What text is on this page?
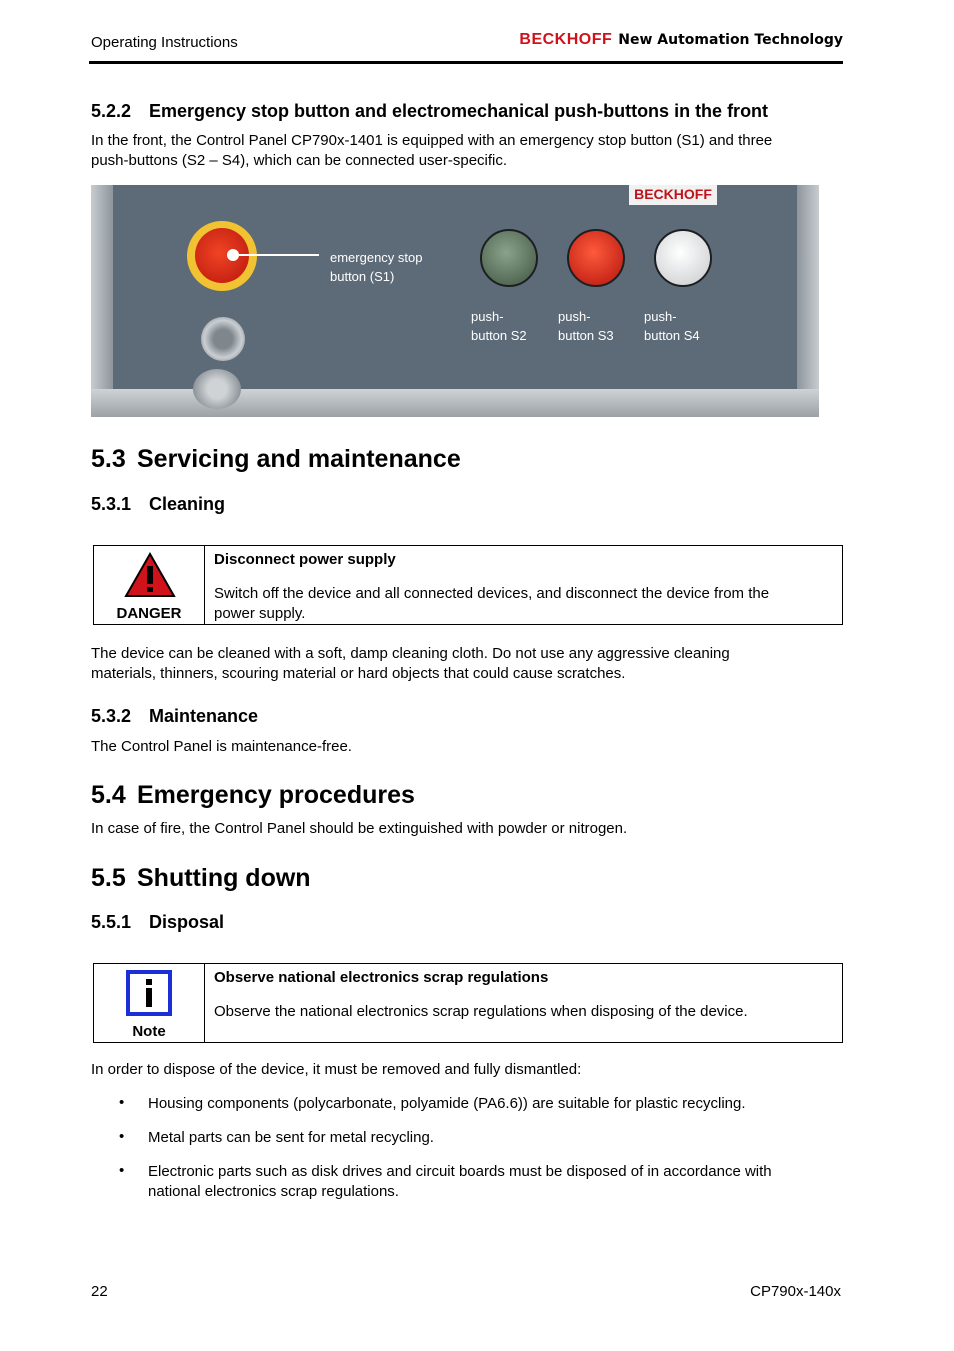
Operating Instructions	BECKHOFF New Automation Technology
5.2.2 Emergency stop button and electromechanical push-buttons in the front
In the front, the Control Panel CP790x-1401 is equipped with an emergency stop button (S1) and three
push-buttons (S2 – S4), which can be connected user-specific.
BECKHOFF
emergency stop
button (S1)
push-
button S2
push-
button S3
push-
button S4
5.3 Servicing and maintenance
5.3.1 Cleaning
DANGER
Disconnect power supply
Switch off the device and all connected devices, and disconnect the device from the
power supply.
The device can be cleaned with a soft, damp cleaning cloth. Do not use any aggressive cleaning
materials, thinners, scouring material or hard objects that could cause scratches.
5.3.2 Maintenance
The Control Panel is maintenance-free.
5.4 Emergency procedures
In case of fire, the Control Panel should be extinguished with powder or nitrogen.
5.5 Shutting down
5.5.1 Disposal
Note
Observe national electronics scrap regulations
Observe the national electronics scrap regulations when disposing of the device.
In order to dispose of the device, it must be removed and fully dismantled:
• Housing components (polycarbonate, polyamide (PA6.6)) are suitable for plastic recycling.
• Metal parts can be sent for metal recycling.
• Electronic parts such as disk drives and circuit boards must be disposed of in accordance with
national electronics scrap regulations.
22	CP790x-140x
